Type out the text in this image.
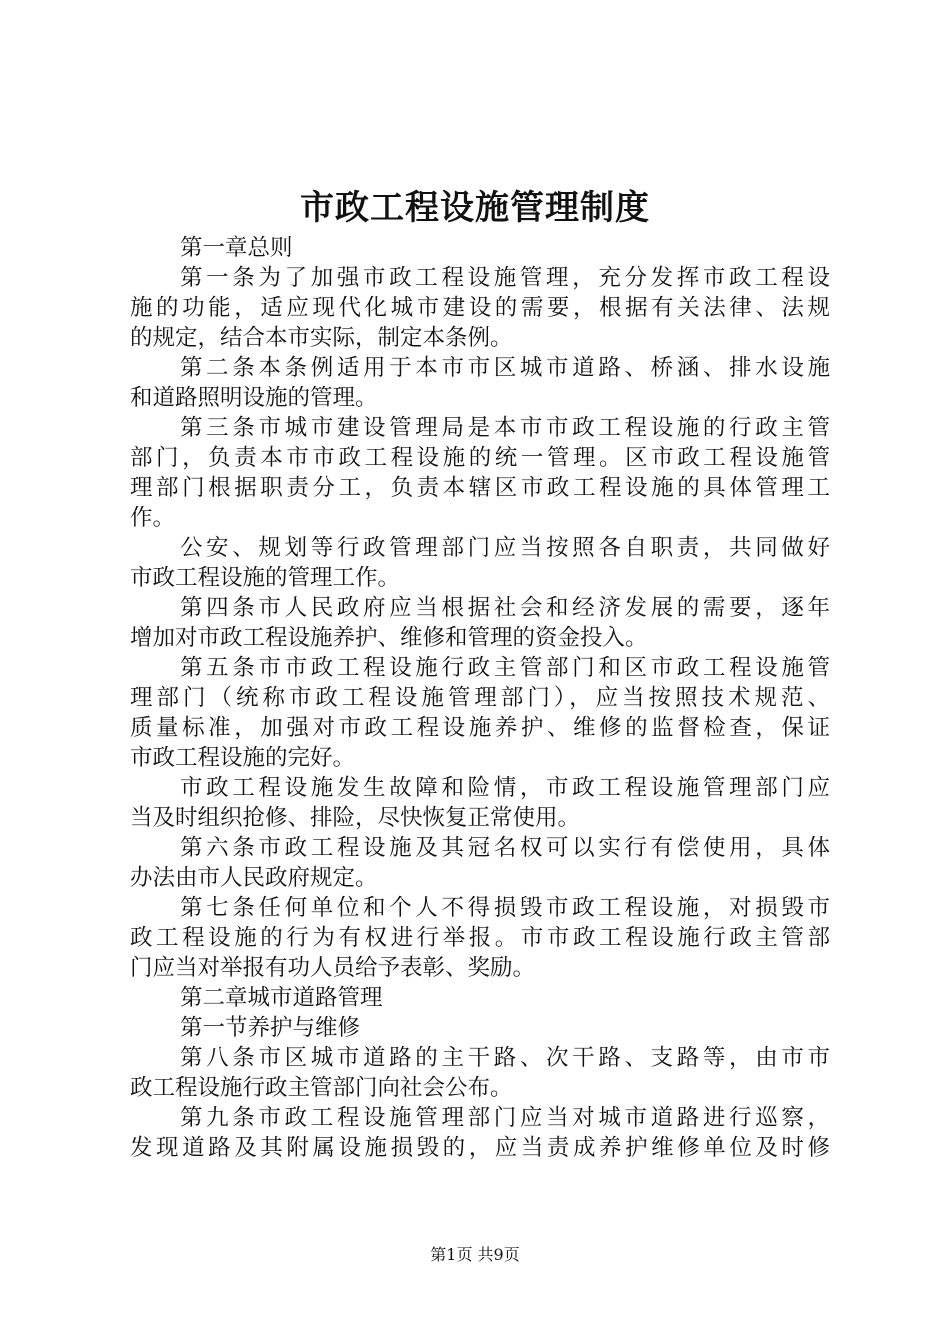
市政工程设施管理制度
第一章总则
第一条为了加强市政工程设施管理，充分发挥市政工程设
施的功能，适应现代化城市建设的需要，根据有关法律、法规
的规定，结合本市实际，制定本条例。
第二条本条例适用于本市市区城市道路、桥涵、排水设施
和道路照明设施的管理。
第三条市城市建设管理局是本市市政工程设施的行政主管
部门，负责本市市政工程设施的统一管理。区市政工程设施管
理部门根据职责分工，负责本辖区市政工程设施的具体管理工
作。
公安、规划等行政管理部门应当按照各自职责，共同做好
市政工程设施的管理工作。
第四条市人民政府应当根据社会和经济发展的需要，逐年
增加对市政工程设施养护、维修和管理的资金投入。
第五条市市政工程设施行政主管部门和区市政工程设施管
理部门（统称市政工程设施管理部门），应当按照技术规范、
质量标准，加强对市政工程设施养护、维修的监督检查，保证
市政工程设施的完好。
市政工程设施发生故障和险情，市政工程设施管理部门应
当及时组织抢修、排险，尽快恢复正常使用。
第六条市政工程设施及其冠名权可以实行有偿使用，具体
办法由市人民政府规定。
第七条任何单位和个人不得损毁市政工程设施，对损毁市
政工程设施的行为有权进行举报。市市政工程设施行政主管部
门应当对举报有功人员给予表彰、奖励。
第二章城市道路管理
第一节养护与维修
第八条市区城市道路的主干路、次干路、支路等，由市市
政工程设施行政主管部门向社会公布。
第九条市政工程设施管理部门应当对城市道路进行巡察，
发现道路及其附属设施损毁的，应当责成养护维修单位及时修
第1页 共9页
